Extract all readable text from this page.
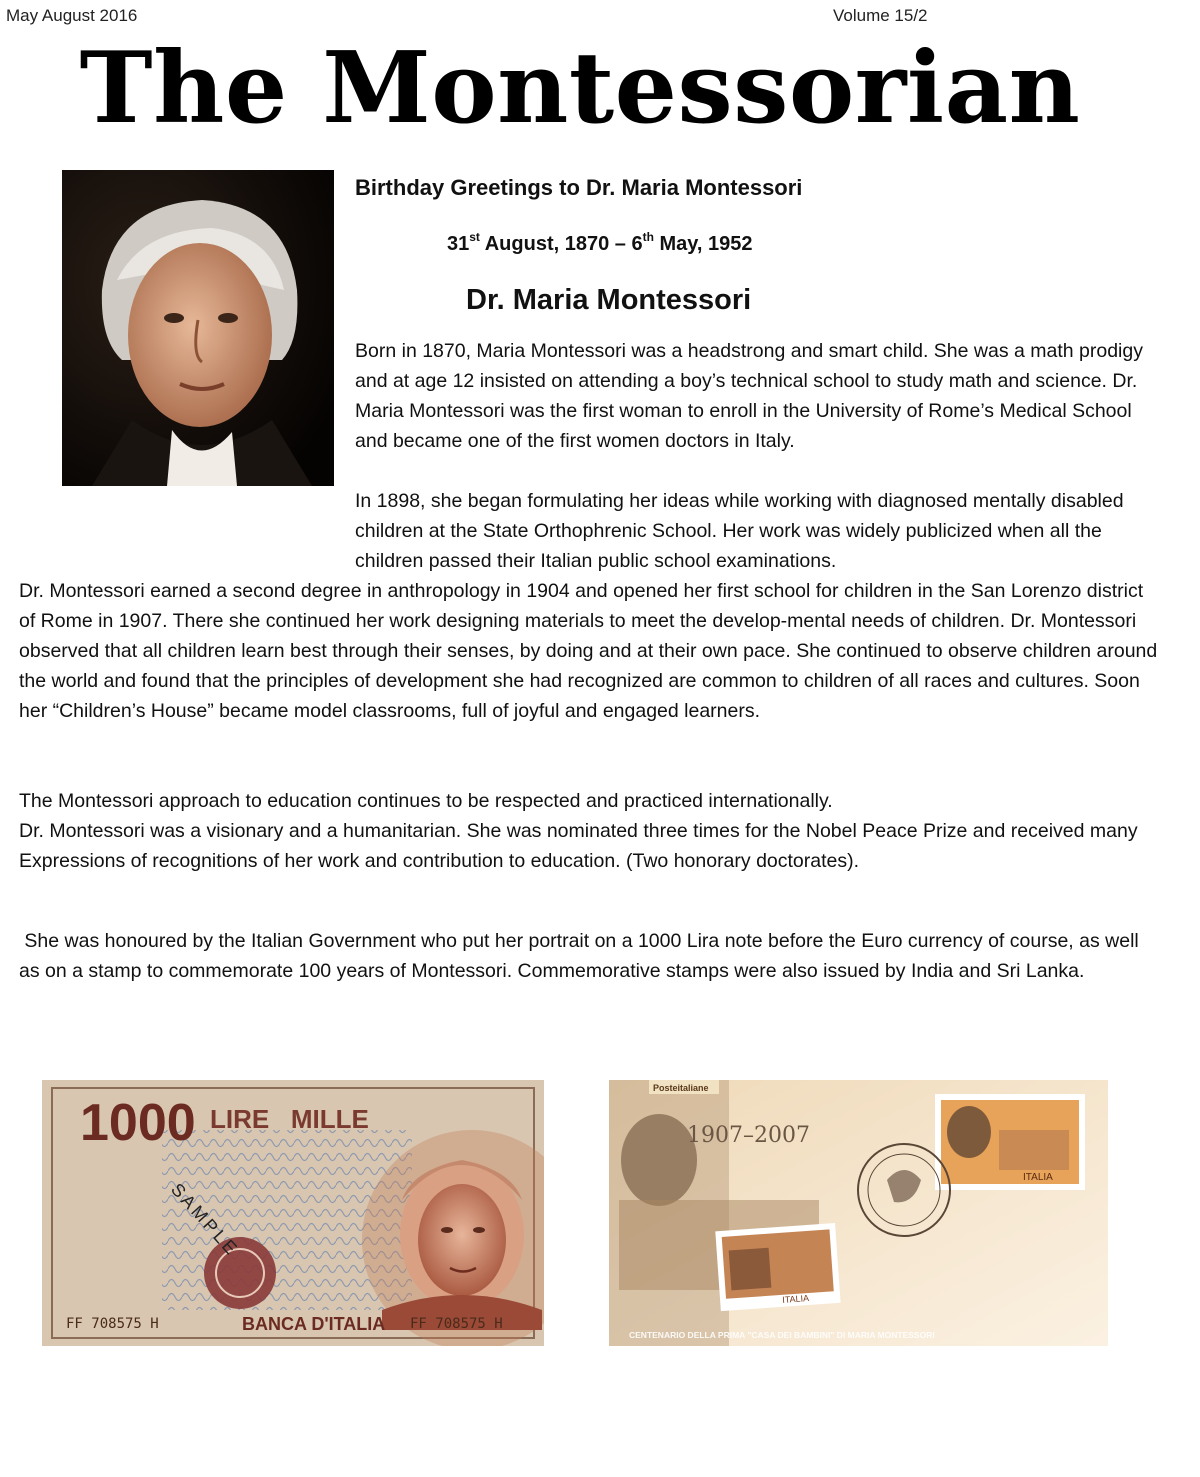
May August 2016	Volume 15/2
The Montessorian
Birthday Greetings to Dr. Maria Montessori
31st August, 1870 – 6th May, 1952
Dr. Maria Montessori

Born in 1870, Maria Montessori was a headstrong and smart child. She was a math prodigy and at age 12 insisted on attending a boy’s technical school to study math and science. Dr. Maria Montessori was the first woman to enroll in the University of Rome’s Medical School and became one of the first women doctors in Italy.

In 1898, she began formulating her ideas while working with diagnosed mentally disabled children at the State Orthophrenic School. Her work was widely publicized when all the children passed their Italian public school examinations.

Dr. Montessori earned a second degree in anthropology in 1904 and opened her first school for children in the San Lorenzo district of Rome in 1907. There she continued her work designing materials to meet the develop-mental needs of children. Dr. Montessori observed that all children learn best through their senses, by doing and at their own pace. She continued to observe children around the world and found that the principles of development she had recognized are common to children of all races and cultures. Soon her “Children’s House” became model classrooms, full of joyful and engaged learners.

The Montessori approach to education continues to be respected and practiced internationally.

Dr. Montessori was a visionary and a humanitarian. She was nominated three times for the Nobel Peace Prize and received many Expressions of recognitions of her work and contribution to education. (Two honorary doctorates).

She was honoured by the Italian Government who put her portrait on a 1000 Lira note before the Euro currency of course, as well as on a stamp to commemorate 100 years of Montessori. Commemorative stamps were also issued by India and Sri Lanka.
1000 LIRE   MILLE
SAMPLE
FF 708575 H	BANCA D'ITALIA FF 708575 H
Posteitaliane
1907–2007
ITALIA
ITALIA
CENTENARIO DELLA PRIMA "CASA DEI BAMBINI" DI MARIA MONTESSORI
